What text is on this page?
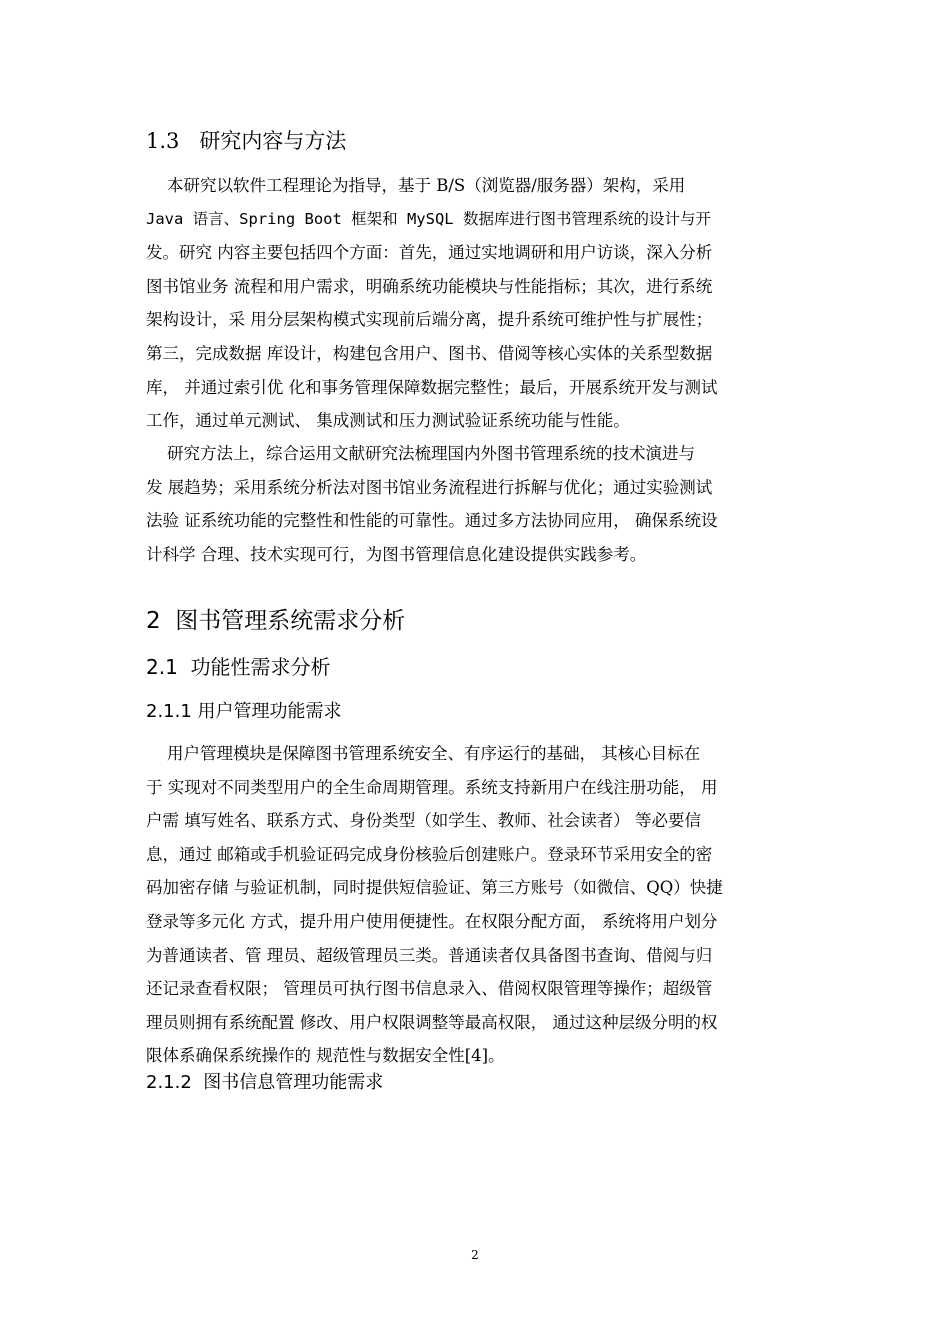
1.3   研究内容与方法
本研究以软件工程理论为指导，基于 B/S（浏览器/服务器）架构，采用
Java 语言、Spring Boot 框架和 MySQL 数据库进行图书管理系统的设计与开
发。研究 内容主要包括四个方面：首先，通过实地调研和用户访谈，深入分析
图书馆业务 流程和用户需求，明确系统功能模块与性能指标；其次，进行系统
架构设计，采 用分层架构模式实现前后端分离，提升系统可维护性与扩展性；
第三，完成数据 库设计，构建包含用户、图书、借阅等核心实体的关系型数据
库， 并通过索引优 化和事务管理保障数据完整性；最后，开展系统开发与测试
工作，通过单元测试、 集成测试和压力测试验证系统功能与性能。
研究方法上，综合运用文献研究法梳理国内外图书管理系统的技术演进与
发 展趋势；采用系统分析法对图书馆业务流程进行拆解与优化；通过实验测试
法验 证系统功能的完整性和性能的可靠性。通过多方法协同应用， 确保系统设
计科学 合理、技术实现可行，为图书管理信息化建设提供实践参考。
2  图书管理系统需求分析
2.1  功能性需求分析
2.1.1 用户管理功能需求
用户管理模块是保障图书管理系统安全、有序运行的基础， 其核心目标在
于 实现对不同类型用户的全生命周期管理。系统支持新用户在线注册功能， 用
户需 填写姓名、联系方式、身份类型（如学生、教师、社会读者） 等必要信
息，通过 邮箱或手机验证码完成身份核验后创建账户。登录环节采用安全的密
码加密存储 与验证机制，同时提供短信验证、第三方账号（如微信、QQ）快捷
登录等多元化 方式，提升用户使用便捷性。在权限分配方面， 系统将用户划分
为普通读者、管 理员、超级管理员三类。普通读者仅具备图书查询、借阅与归
还记录查看权限； 管理员可执行图书信息录入、借阅权限管理等操作；超级管
理员则拥有系统配置 修改、用户权限调整等最高权限， 通过这种层级分明的权
限体系确保系统操作的 规范性与数据安全性[4]。
2.1.2  图书信息管理功能需求
2
